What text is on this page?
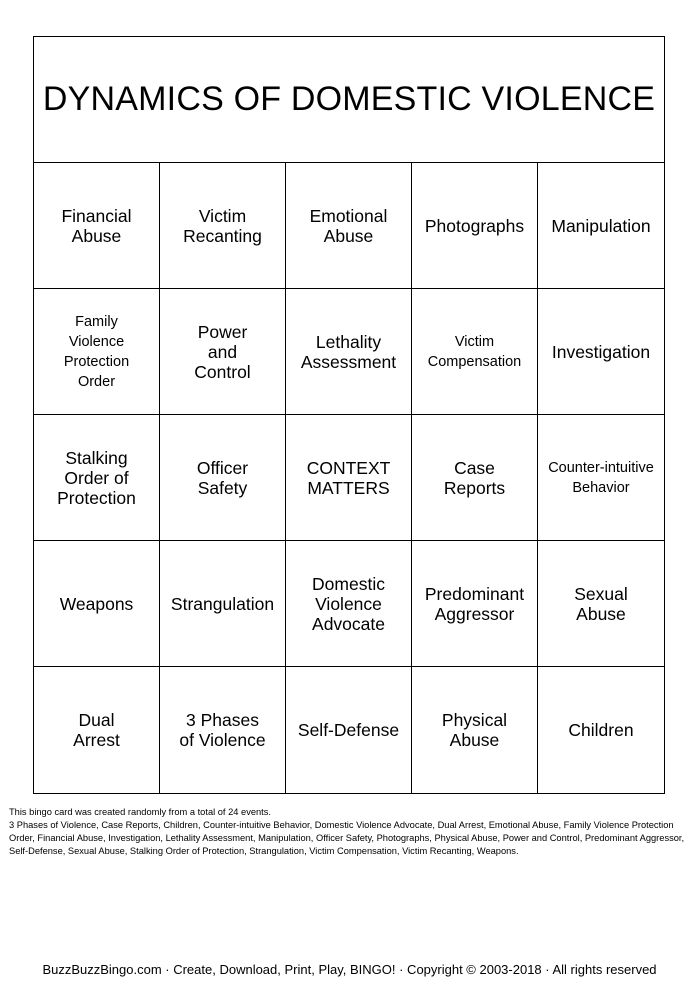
DYNAMICS OF DOMESTIC VIOLENCE
Financial
Abuse
Victim
Recanting
Emotional
Abuse	Photographs Manipulation
Family
Violence
Protection
Order
Power
and
Control
Lethality
Assessment
Victim
Compensation Investigation
Stalking
Order of
Protection
Officer
Safety
CONTEXT
MATTERS
Case
Reports
Counter-intuitive
Behavior
Weapons Strangulation
Domestic
Violence
Advocate
Predominant
Aggressor
Sexual
Abuse
Dual
Arrest
3 Phases
of Violence Self-Defense Physical
Abuse	Children
This bingo card was created randomly from a total of 24 events.
3 Phases of Violence, Case Reports, Children, Counter-intuitive Behavior, Domestic Violence Advocate, Dual Arrest, Emotional Abuse, Family Violence Protection Order, Financial Abuse, Investigation, Lethality Assessment, Manipulation, Officer Safety, Photographs, Physical Abuse, Power and Control, Predominant Aggressor, Self-Defense, Sexual Abuse, Stalking Order of Protection, Strangulation, Victim Compensation, Victim Recanting, Weapons.
BuzzBuzzBingo.com · Create, Download, Print, Play, BINGO! · Copyright © 2003-2018 · All rights reserved
